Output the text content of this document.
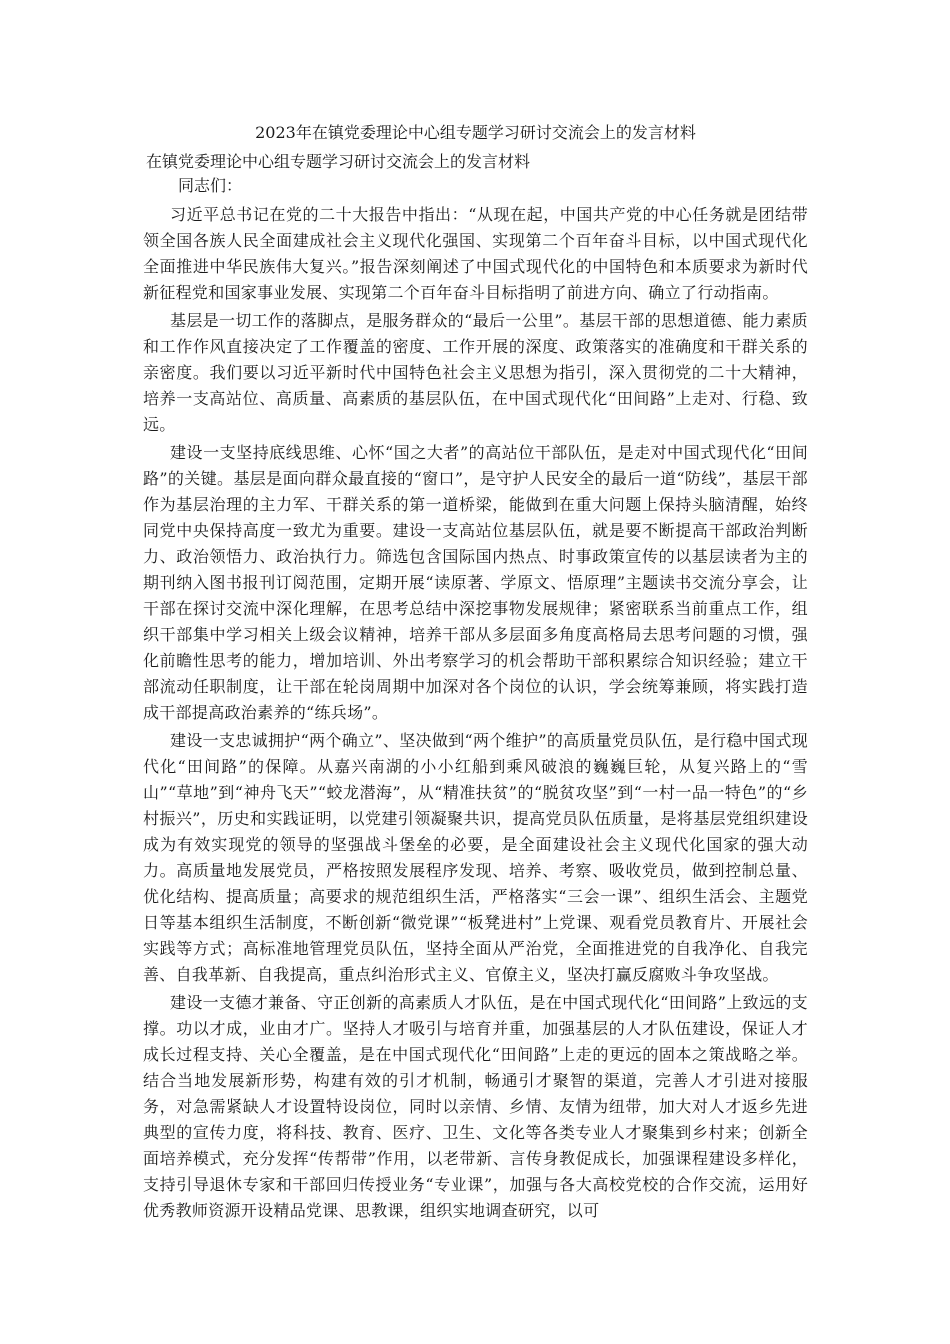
2023年在镇党委理论中心组专题学习研讨交流会上的发言材料

在镇党委理论中心组专题学习研讨交流会上的发言材料

同志们：

习近平总书记在党的二十大报告中指出：“从现在起，中国共产党的中心任务就是团结带领全国各族人民全面建成社会主义现代化强国、实现第二个百年奋斗目标，以中国式现代化全面推进中华民族伟大复兴。”报告深刻阐述了中国式现代化的中国特色和本质要求为新时代新征程党和国家事业发展、实现第二个百年奋斗目标指明了前进方向、确立了行动指南。

基层是一切工作的落脚点，是服务群众的“最后一公里”。基层干部的思想道德、能力素质和工作作风直接决定了工作覆盖的密度、工作开展的深度、政策落实的准确度和干群关系的亲密度。我们要以习近平新时代中国特色社会主义思想为指引，深入贯彻党的二十大精神，培养一支高站位、高质量、高素质的基层队伍，在中国式现代化“田间路”上走对、行稳、致远。

建设一支坚持底线思维、心怀“国之大者”的高站位干部队伍，是走对中国式现代化“田间路”的关键。基层是面向群众最直接的“窗口”，是守护人民安全的最后一道“防线”，基层干部作为基层治理的主力军、干群关系的第一道桥梁，能做到在重大问题上保持头脑清醒，始终同党中央保持高度一致尤为重要。建设一支高站位基层队伍，就是要不断提高干部政治判断力、政治领悟力、政治执行力。筛选包含国际国内热点、时事政策宣传的以基层读者为主的期刊纳入图书报刊订阅范围，定期开展“读原著、学原文、悟原理”主题读书交流分享会，让干部在探讨交流中深化理解，在思考总结中深挖事物发展规律；紧密联系当前重点工作，组织干部集中学习相关上级会议精神，培养干部从多层面多角度高格局去思考问题的习惯，强化前瞻性思考的能力，增加培训、外出考察学习的机会帮助干部积累综合知识经验；建立干部流动任职制度，让干部在轮岗周期中加深对各个岗位的认识，学会统筹兼顾，将实践打造成干部提高政治素养的“练兵场”。

建设一支忠诚拥护“两个确立”、坚决做到“两个维护”的高质量党员队伍，是行稳中国式现代化“田间路”的保障。从嘉兴南湖的小小红船到乘风破浪的巍巍巨轮，从复兴路上的“雪山”“草地”到“神舟飞天”“蛟龙潜海”，从“精准扶贫”的“脱贫攻坚”到“一村一品一特色”的“乡村振兴”，历史和实践证明，以党建引领凝聚共识，提高党员队伍质量，是将基层党组织建设成为有效实现党的领导的坚强战斗堡垒的必要，是全面建设社会主义现代化国家的强大动力。高质量地发展党员，严格按照发展程序发现、培养、考察、吸收党员，做到控制总量、优化结构、提高质量；高要求的规范组织生活，严格落实“三会一课”、组织生活会、主题党日等基本组织生活制度，不断创新“微党课”“板凳进村”上党课、观看党员教育片、开展社会实践等方式；高标准地管理党员队伍，坚持全面从严治党，全面推进党的自我净化、自我完善、自我革新、自我提高，重点纠治形式主义、官僚主义，坚决打赢反腐败斗争攻坚战。

建设一支德才兼备、守正创新的高素质人才队伍，是在中国式现代化“田间路”上致远的支撑。功以才成，业由才广。坚持人才吸引与培育并重，加强基层的人才队伍建设，保证人才成长过程支持、关心全覆盖，是在中国式现代化“田间路”上走的更远的固本之策战略之举。结合当地发展新形势，构建有效的引才机制，畅通引才聚智的渠道，完善人才引进对接服务，对急需紧缺人才设置特设岗位，同时以亲情、乡情、友情为纽带，加大对人才返乡先进典型的宣传力度，将科技、教育、医疗、卫生、文化等各类专业人才聚集到乡村来；创新全面培养模式，充分发挥“传帮带”作用，以老带新、言传身教促成长，加强课程建设多样化，支持引导退休专家和干部回归传授业务“专业课”，加强与各大高校党校的合作交流，运用好优秀教师资源开设精品党课、思教课，组织实地调查研究，以可
